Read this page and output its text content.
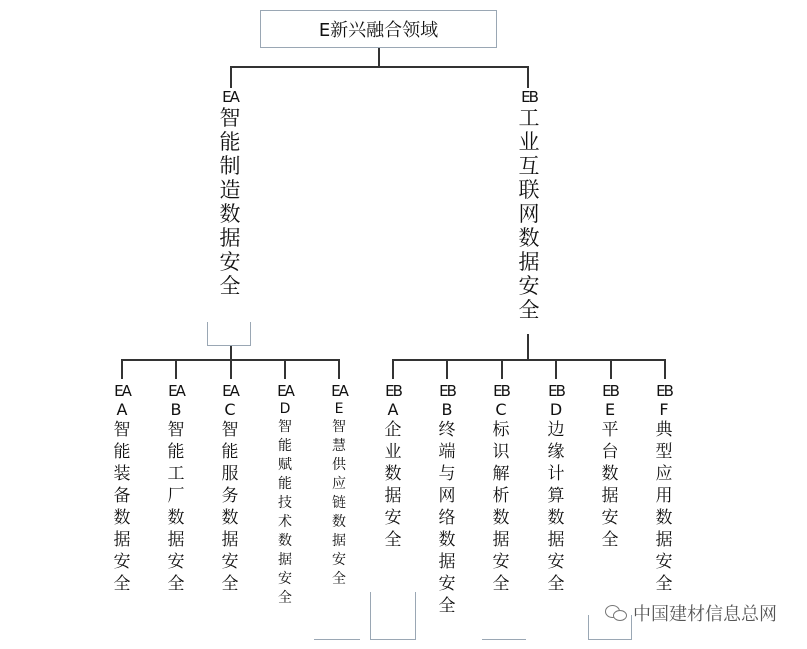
E新兴融合领域
EA
智
能
制
造
数
据
安
全
EB
工
业
互
联
网
数
据
安
全
EA
A
智
能
装
备
数
据
安
全
EA
B
智
能
工
厂
数
据
安
全
EA
C
智
能
服
务
数
据
安
全
EA
D
智
能
赋
能
技
术
数
据
安
全
EA
E
智
慧
供
应
链
数
据
安
全
EB
A
企
业
数
据
安
全
EB
B
终
端
与
网
络
数
据
安
全
EB
C
标
识
解
析
数
据
安
全
EB
D
边
缘
计
算
数
据
安
全
EB
E
平
台
数
据
安
全
EB
F
典
型
应
用
数
据
安
全
中国建材信息总网
